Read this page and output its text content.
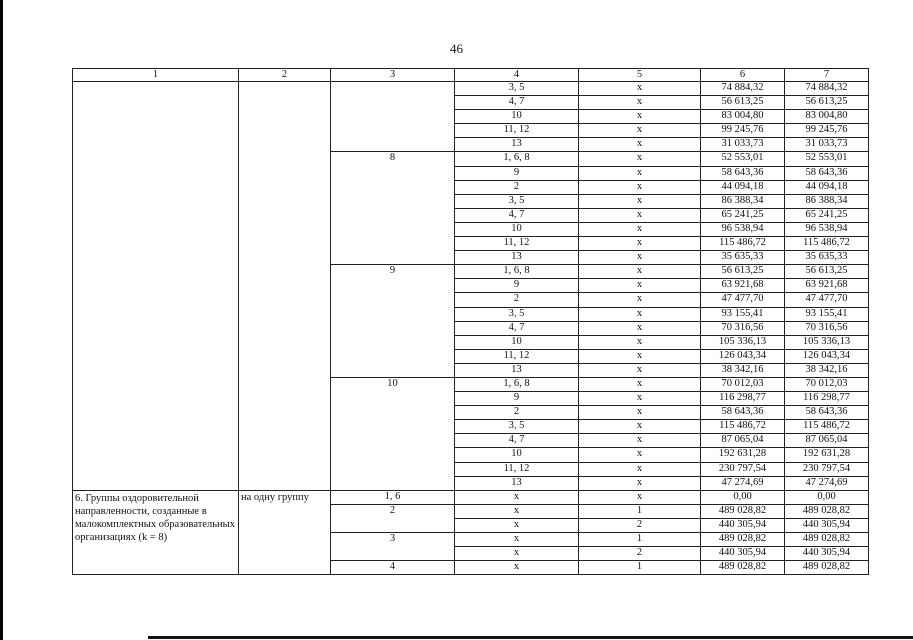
46
1	2	3	4	5	6	7
			3, 5	x	74 884,32	74 884,32
			4, 7	x	56 613,25	56 613,25
			10	x	83 004,80	83 004,80
			11, 12	x	99 245,76	99 245,76
			13	x	31 033,73	31 033,73
		8	1, 6, 8	x	52 553,01	52 553,01
			9	x	58 643,36	58 643,36
			2	x	44 094,18	44 094,18
			3, 5	x	86 388,34	86 388,34
			4, 7	x	65 241,25	65 241,25
			10	x	96 538,94	96 538,94
			11, 12	x	115 486,72	115 486,72
			13	x	35 635,33	35 635,33
		9	1, 6, 8	x	56 613,25	56 613,25
			9	x	63 921,68	63 921,68
			2	x	47 477,70	47 477,70
			3, 5	x	93 155,41	93 155,41
			4, 7	x	70 316,56	70 316,56
			10	x	105 336,13	105 336,13
			11, 12	x	126 043,34	126 043,34
			13	x	38 342,16	38 342,16
		10	1, 6, 8	x	70 012,03	70 012,03
			9	x	116 298,77	116 298,77
			2	x	58 643,36	58 643,36
			3, 5	x	115 486,72	115 486,72
			4, 7	x	87 065,04	87 065,04
			10	x	192 631,28	192 631,28
			11, 12	x	230 797,54	230 797,54
			13	x	47 274,69	47 274,69
6. Группы оздоровительной направленности, созданные в малокомплектных образовательных организациях (k = 8)	на одну группу	1, 6	x	x	0,00	0,00
		2	x	1	489 028,82	489 028,82
			x	2	440 305,94	440 305,94
		3	x	1	489 028,82	489 028,82
			x	2	440 305,94	440 305,94
		4	x	1	489 028,82	489 028,82
